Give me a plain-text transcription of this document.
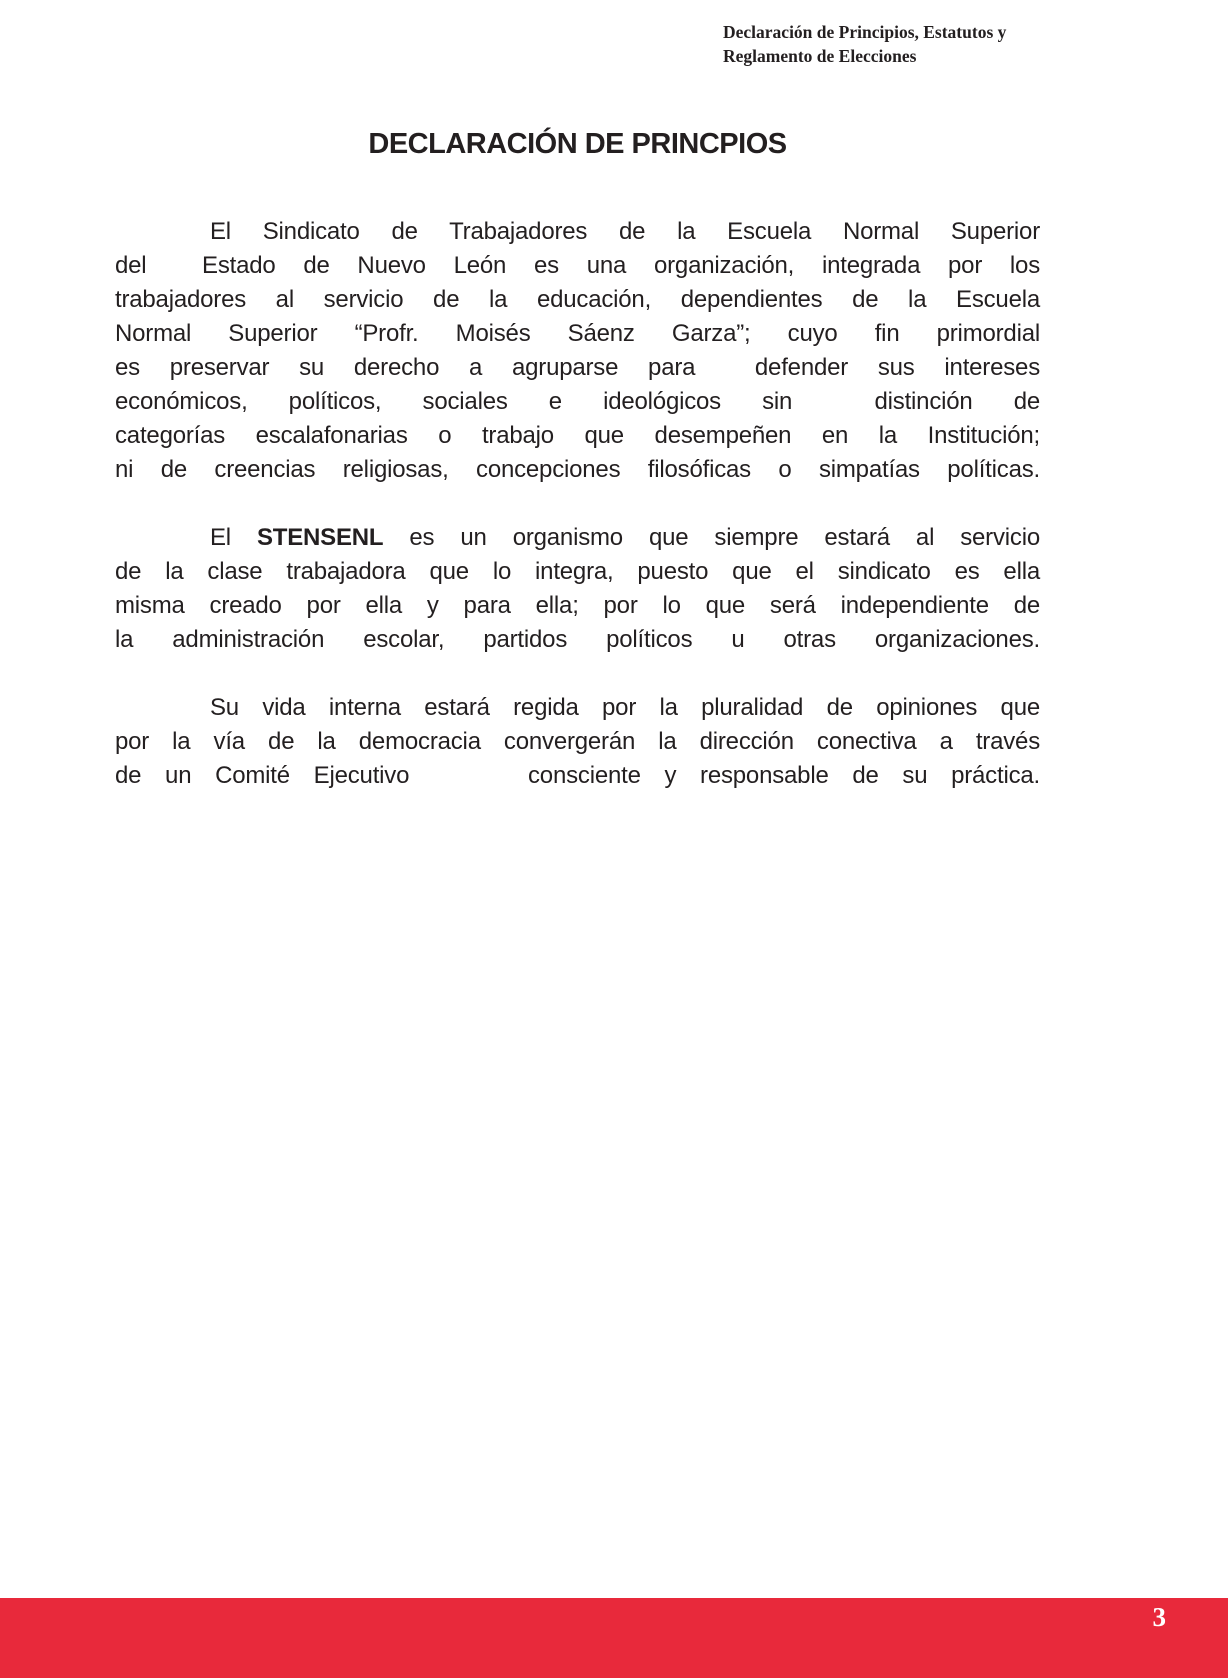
Declaración de Principios, Estatutos y
Reglamento de Elecciones
DECLARACIÓN DE PRINCPIOS
El Sindicato de Trabajadores de la Escuela Normal Superior
del  Estado de Nuevo León es una organización, integrada por los
trabajadores al servicio de la educación, dependientes de la Escuela
Normal Superior “Profr. Moisés Sáenz Garza”; cuyo fin primordial
es preservar su derecho a agruparse para  defender sus intereses
económicos, políticos, sociales e ideológicos sin  distinción de
categorías escalafonarias o trabajo que desempeñen en la Institución;
ni de creencias religiosas, concepciones filosóficas o simpatías políticas.
El STENSENL es un organismo que siempre estará al servicio
de la clase trabajadora que lo integra, puesto que el sindicato es ella
misma creado por ella y para ella; por lo que será independiente de
la administración escolar, partidos políticos u otras organizaciones.
Su vida interna estará regida por la pluralidad de opiniones que
por la vía de la democracia convergerán la dirección conectiva a través
de un Comité Ejecutivo     consciente y responsable de su práctica.
3
